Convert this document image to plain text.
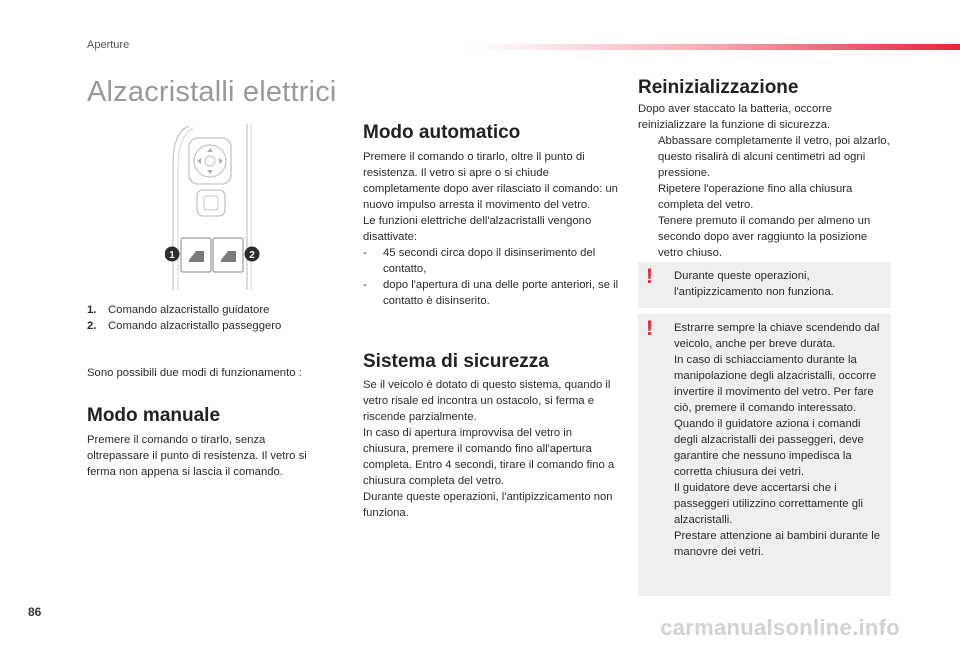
Aperture
Alzacristalli elettrici
1	2
1. Comando alzacristallo guidatore
2. Comando alzacristallo passeggero
Sono possibili due modi di funzionamento :
Modo manuale
Premere il comando o tirarlo, senza oltrepassare il punto di resistenza. Il vetro si ferma non appena si lascia il comando.
Modo automatico

Premere il comando o tirarlo, oltre il punto di resistenza. Il vetro si apre o si chiude completamente dopo aver rilasciato il comando: un nuovo impulso arresta il movimento del vetro.

Le funzioni elettriche dell'alzacristalli vengono disattivate:

-	45 secondi circa dopo il disinserimento del contatto,
-	dopo l'apertura di una delle porte anteriori, se il contatto è disinserito.
Sistema di sicurezza

Se il veicolo è dotato di questo sistema, quando il vetro risale ed incontra un ostacolo, si ferma e riscende parzialmente.

In caso di apertura improvvisa del vetro in chiusura, premere il comando fino all'apertura completa. Entro 4 secondi, tirare il comando fino a chiusura completa del vetro.

Durante queste operazioni, l'antipizzicamento non funziona.

Reinizializzazione

Dopo aver staccato la batteria, occorre reinizializzare la funzione di sicurezza.

Abbassare completamente il vetro, poi alzarlo, questo risalirà di alcuni centimetri ad ogni pressione.
Ripetere l'operazione fino alla chiusura completa del vetro.
Tenere premuto il comando per almeno un secondo dopo aver raggiunto la posizione vetro chiuso.
! Durante queste operazioni, l'antipizzicamento non funziona.
! Estrarre sempre la chiave scendendo dal veicolo, anche per breve durata.

In caso di schiacciamento durante la manipolazione degli alzacristalli, occorre invertire il movimento del vetro. Per fare ciò, premere il comando interessato.

Quando il guidatore aziona i comandi degli alzacristalli dei passeggeri, deve garantire che nessuno impedisca la corretta chiusura dei vetri.

Il guidatore deve accertarsi che i passeggeri utilizzino correttamente gli alzacristalli.

Prestare attenzione ai bambini durante le manovre dei vetri.

86
carmanualsonline.info
